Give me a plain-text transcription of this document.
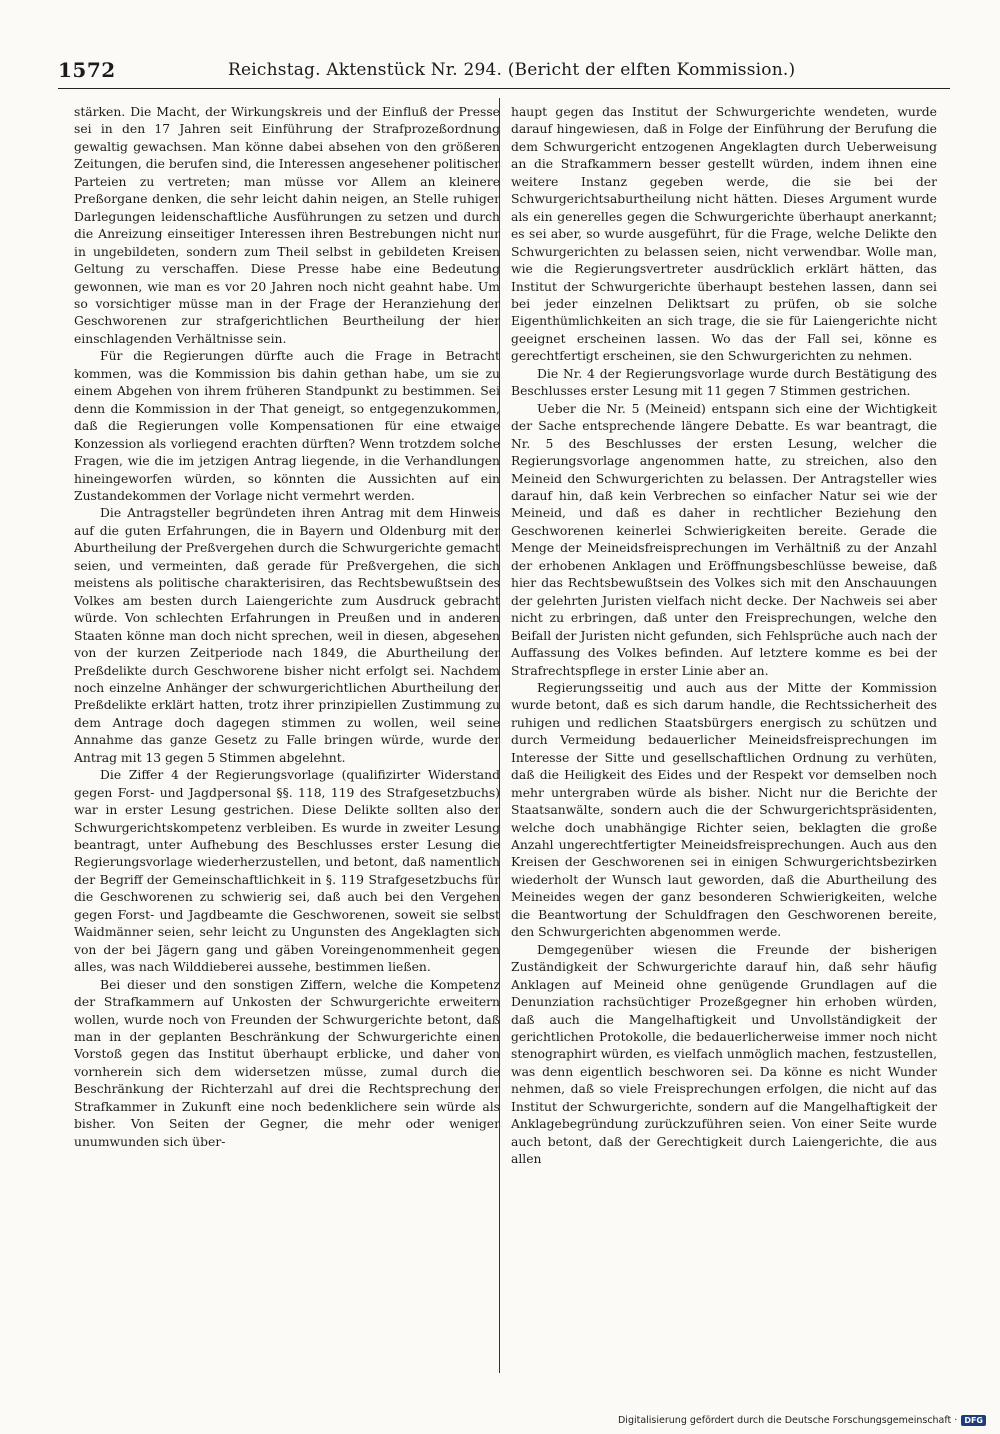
1572	Reichstag. Aktenstück Nr. 294. (Bericht der elften Kommission.)

stärken. Die Macht, der Wirkungskreis und der Einfluß der Presse sei in den 17 Jahren seit Einführung der Strafprozeßordnung gewaltig gewachsen. Man könne dabei absehen von den größeren Zeitungen, die berufen sind, die Interessen angesehener politischer Parteien zu vertreten; man müsse vor Allem an kleinere Preßorgane denken, die sehr leicht dahin neigen, an Stelle ruhiger Darlegungen leidenschaftliche Ausführungen zu setzen und durch die Anreizung einseitiger Interessen ihren Bestrebungen nicht nur in ungebildeten, sondern zum Theil selbst in gebildeten Kreisen Geltung zu verschaffen. Diese Presse habe eine Bedeutung gewonnen, wie man es vor 20 Jahren noch nicht geahnt habe. Um so vorsichtiger müsse man in der Frage der Heranziehung der Geschworenen zur strafgerichtlichen Beurtheilung der hier einschlagenden Verhältnisse sein.

Für die Regierungen dürfte auch die Frage in Betracht kommen, was die Kommission bis dahin gethan habe, um sie zu einem Abgehen von ihrem früheren Standpunkt zu bestimmen. Sei denn die Kommission in der That geneigt, so entgegenzukommen, daß die Regierungen volle Kompensationen für eine etwaige Konzession als vorliegend erachten dürften? Wenn trotzdem solche Fragen, wie die im jetzigen Antrag liegende, in die Verhandlungen hineingeworfen würden, so könnten die Aussichten auf ein Zustandekommen der Vorlage nicht vermehrt werden.

Die Antragsteller begründeten ihren Antrag mit dem Hinweis auf die guten Erfahrungen, die in Bayern und Oldenburg mit der Aburtheilung der Preßvergehen durch die Schwurgerichte gemacht seien, und vermeinten, daß gerade für Preßvergehen, die sich meistens als politische charakterisiren, das Rechtsbewußtsein des Volkes am besten durch Laiengerichte zum Ausdruck gebracht würde. Von schlechten Erfahrungen in Preußen und in anderen Staaten könne man doch nicht sprechen, weil in diesen, abgesehen von der kurzen Zeitperiode nach 1849, die Aburtheilung der Preßdelikte durch Geschworene bisher nicht erfolgt sei. Nachdem noch einzelne Anhänger der schwurgerichtlichen Aburtheilung der Preßdelikte erklärt hatten, trotz ihrer prinzipiellen Zustimmung zu dem Antrage doch dagegen stimmen zu wollen, weil seine Annahme das ganze Gesetz zu Falle bringen würde, wurde der Antrag mit 13 gegen 5 Stimmen abgelehnt.

Die Ziffer 4 der Regierungsvorlage (qualifizirter Widerstand gegen Forst- und Jagdpersonal §§. 118, 119 des Strafgesetzbuchs) war in erster Lesung gestrichen. Diese Delikte sollten also der Schwurgerichtskompetenz verbleiben. Es wurde in zweiter Lesung beantragt, unter Aufhebung des Beschlusses erster Lesung die Regierungsvorlage wiederherzustellen, und betont, daß namentlich der Begriff der Gemeinschaftlichkeit in §. 119 Strafgesetzbuchs für die Geschworenen zu schwierig sei, daß auch bei den Vergehen gegen Forst- und Jagdbeamte die Geschworenen, soweit sie selbst Waidmänner seien, sehr leicht zu Ungunsten des Angeklagten sich von der bei Jägern gang und gäben Voreingenommenheit gegen alles, was nach Wilddieberei aussehe, bestimmen ließen.

Bei dieser und den sonstigen Ziffern, welche die Kompetenz der Strafkammern auf Unkosten der Schwurgerichte erweitern wollen, wurde noch von Freunden der Schwurgerichte betont, daß man in der geplanten Beschränkung der Schwurgerichte einen Vorstoß gegen das Institut überhaupt erblicke, und daher von vornherein sich dem widersetzen müsse, zumal durch die Beschränkung der Richterzahl auf drei die Rechtsprechung der Strafkammer in Zukunft eine noch bedenklichere sein würde als bisher. Von Seiten der Gegner, die mehr oder weniger unumwunden sich über-

haupt gegen das Institut der Schwurgerichte wendeten, wurde darauf hingewiesen, daß in Folge der Einführung der Berufung die dem Schwurgericht entzogenen Angeklagten durch Ueberweisung an die Strafkammern besser gestellt würden, indem ihnen eine weitere Instanz gegeben werde, die sie bei der Schwurgerichtsaburtheilung nicht hätten. Dieses Argument wurde als ein generelles gegen die Schwurgerichte überhaupt anerkannt; es sei aber, so wurde ausgeführt, für die Frage, welche Delikte den Schwurgerichten zu belassen seien, nicht verwendbar. Wolle man, wie die Regierungsvertreter ausdrücklich erklärt hätten, das Institut der Schwurgerichte überhaupt bestehen lassen, dann sei bei jeder einzelnen Deliktsart zu prüfen, ob sie solche Eigenthümlichkeiten an sich trage, die sie für Laiengerichte nicht geeignet erscheinen lassen. Wo das der Fall sei, könne es gerechtfertigt erscheinen, sie den Schwurgerichten zu nehmen.

Die Nr. 4 der Regierungsvorlage wurde durch Bestätigung des Beschlusses erster Lesung mit 11 gegen 7 Stimmen gestrichen.

Ueber die Nr. 5 (Meineid) entspann sich eine der Wichtigkeit der Sache entsprechende längere Debatte. Es war beantragt, die Nr. 5 des Beschlusses der ersten Lesung, welcher die Regierungsvorlage angenommen hatte, zu streichen, also den Meineid den Schwurgerichten zu belassen. Der Antragsteller wies darauf hin, daß kein Verbrechen so einfacher Natur sei wie der Meineid, und daß es daher in rechtlicher Beziehung den Geschworenen keinerlei Schwierigkeiten bereite. Gerade die Menge der Meineidsfreisprechungen im Verhältniß zu der Anzahl der erhobenen Anklagen und Eröffnungsbeschlüsse beweise, daß hier das Rechtsbewußtsein des Volkes sich mit den Anschauungen der gelehrten Juristen vielfach nicht decke. Der Nachweis sei aber nicht zu erbringen, daß unter den Freisprechungen, welche den Beifall der Juristen nicht gefunden, sich Fehlsprüche auch nach der Auffassung des Volkes befinden. Auf letztere komme es bei der Strafrechtspflege in erster Linie aber an.

Regierungsseitig und auch aus der Mitte der Kommission wurde betont, daß es sich darum handle, die Rechtssicherheit des ruhigen und redlichen Staatsbürgers energisch zu schützen und durch Vermeidung bedauerlicher Meineidsfreisprechungen im Interesse der Sitte und gesellschaftlichen Ordnung zu verhüten, daß die Heiligkeit des Eides und der Respekt vor demselben noch mehr untergraben würde als bisher. Nicht nur die Berichte der Staatsanwälte, sondern auch die der Schwurgerichtspräsidenten, welche doch unabhängige Richter seien, beklagten die große Anzahl ungerechtfertigter Meineidsfreisprechungen. Auch aus den Kreisen der Geschworenen sei in einigen Schwurgerichtsbezirken wiederholt der Wunsch laut geworden, daß die Aburtheilung des Meineides wegen der ganz besonderen Schwierigkeiten, welche die Beantwortung der Schuldfragen den Geschworenen bereite, den Schwurgerichten abgenommen werde.

Demgegenüber wiesen die Freunde der bisherigen Zuständigkeit der Schwurgerichte darauf hin, daß sehr häufig Anklagen auf Meineid ohne genügende Grundlagen auf die Denunziation rachsüchtiger Prozeßgegner hin erhoben würden, daß auch die Mangelhaftigkeit und Unvollständigkeit der gerichtlichen Protokolle, die bedauerlicherweise immer noch nicht stenographirt würden, es vielfach unmöglich machen, festzustellen, was denn eigentlich beschworen sei. Da könne es nicht Wunder nehmen, daß so viele Freisprechungen erfolgen, die nicht auf das Institut der Schwurgerichte, sondern auf die Mangelhaftigkeit der Anklagebegründung zurückzuführen seien. Von einer Seite wurde auch betont, daß der Gerechtigkeit durch Laiengerichte, die aus allen

Digitalisierung gefördert durch die Deutsche Forschungsgemeinschaft · DFG
